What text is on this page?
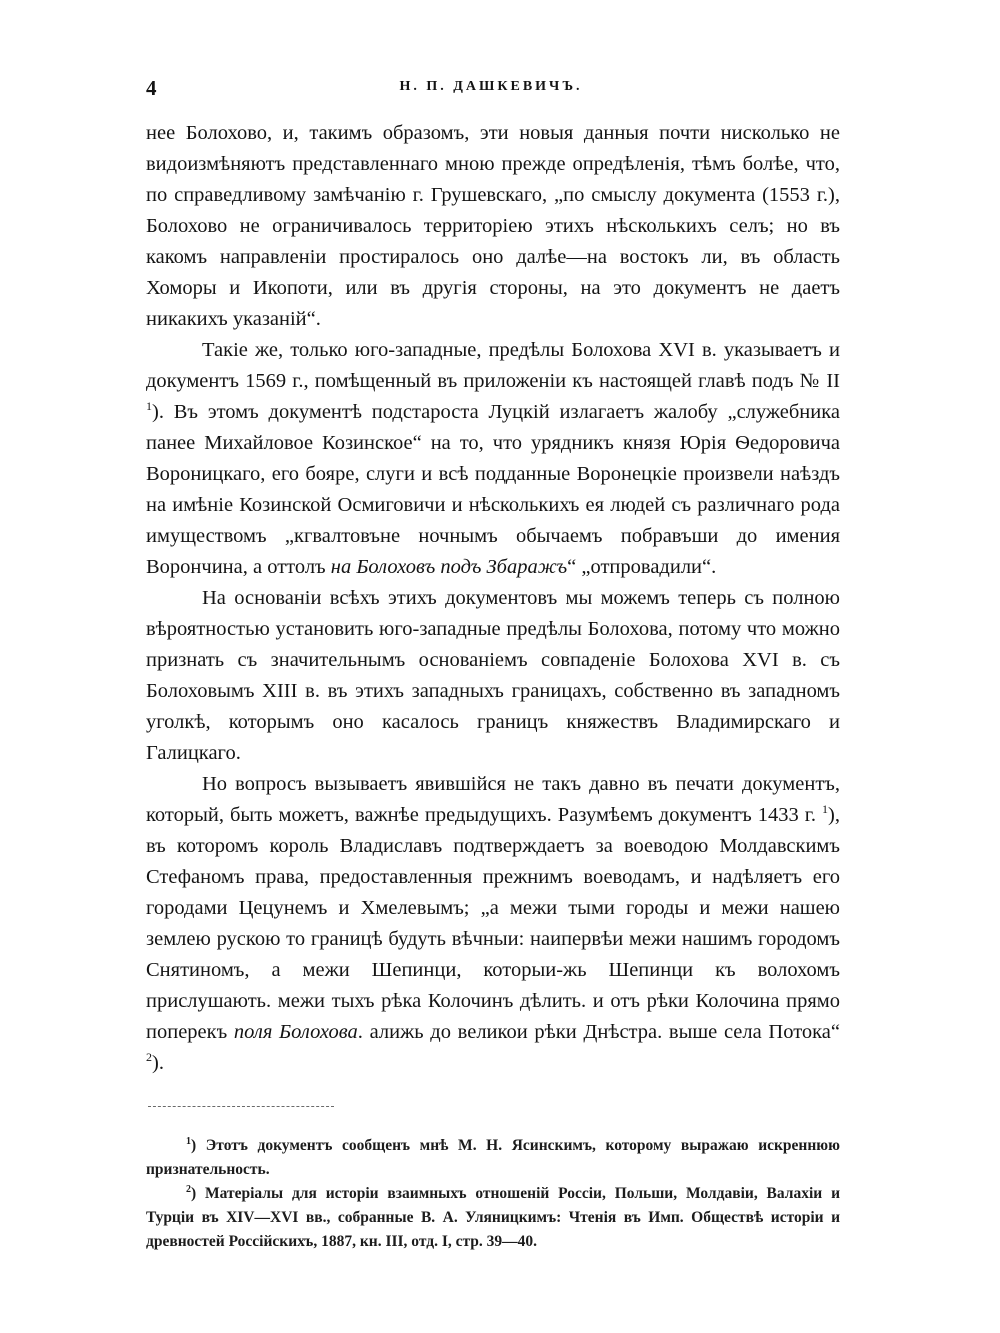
4	Н. П. ДАШКЕВИЧЪ.

нее Болохово, и, такимъ образомъ, эти новыя данныя почти нисколько не видоизмѣняютъ представленнаго мною прежде опредѣленія, тѣмъ болѣе, что, по справедливому замѣчанію г. Грушевскаго, „по смыслу документа (1553 г.), Болохово не ограничивалось территоріею этихъ нѣсколькихъ селъ; но въ какомъ направленіи простиралось оно далѣе—на востокъ ли, въ область Хоморы и Икопоти, или въ другія стороны, на это документъ не даетъ никакихъ указаній“.

Такіе же, только юго-западные, предѣлы Болохова XVI в. указываетъ и документъ 1569 г., помѣщенный въ приложеніи къ настоящей главѣ подъ № II $^1$). Въ этомъ документѣ подстароста Луцкій излагаетъ жалобу „служебника панее Михайловое Козинское“ на то, что урядникъ князя Юрія Ѳедоровича Вороницкаго, его бояре, слуги и всѣ подданные Воронецкіе произвели наѣздъ на имѣніе Козинской Осмиговичи и нѣсколькихъ ея людей съ различнаго рода имуществомъ „кгвалтовъне ночнымъ обычаемъ побравъши до имения Ворончина, а оттолъ на Болоховъ подъ Збаражъ“ „отпровадили“.

На основаніи всѣхъ этихъ документовъ мы можемъ теперь съ полною вѣроятностью установить юго-западные предѣлы Болохова, потому что можно признать съ значительнымъ основаніемъ совпаденіе Болохова XVI в. съ Болоховымъ XIII в. въ этихъ западныхъ границахъ, собственно въ западномъ уголкѣ, которымъ оно касалось границъ княжествъ Владимирскаго и Галицкаго.

Но вопросъ вызываетъ явившійся не такъ давно въ печати документъ, который, быть можетъ, важнѣе предыдущихъ. Разумѣемъ документъ 1433 г. $^1$), въ которомъ король Владиславъ подтверждаетъ за воеводою Молдавскимъ Стефаномъ права, предоставленныя прежнимъ воеводамъ, и надѣляетъ его городами Цецунемъ и Хмелевымъ; „а межи тыми городы и межи нашею землею рускою то границѣ будуть вѣчныи: наипервѣи межи нашимъ городомъ Снятиномъ, а межи Шепинци, которыи-жь Шепинци къ волохомъ прислушають. межи тыхъ рѣка Колочинъ дѣлить. и отъ рѣки Колочина прямо поперекъ поля Болохова. алижь до великои рѣки Днѣстра. выше села Потока“ $^2$).

$^1$) Этотъ документъ сообщенъ мнѣ М. Н. Ясинскимъ, которому выражаю искреннюю признательность.

$^2$) Матеріалы для исторіи взаимныхъ отношеній Россіи, Польши, Молдавіи, Валахіи и Турціи въ XIV—XVI вв., собранные В. А. Уляницкимъ: Чтенія въ Имп. Обществѣ исторіи и древностей Россійскихъ, 1887, кн. III, отд. I, стр. 39—40.
